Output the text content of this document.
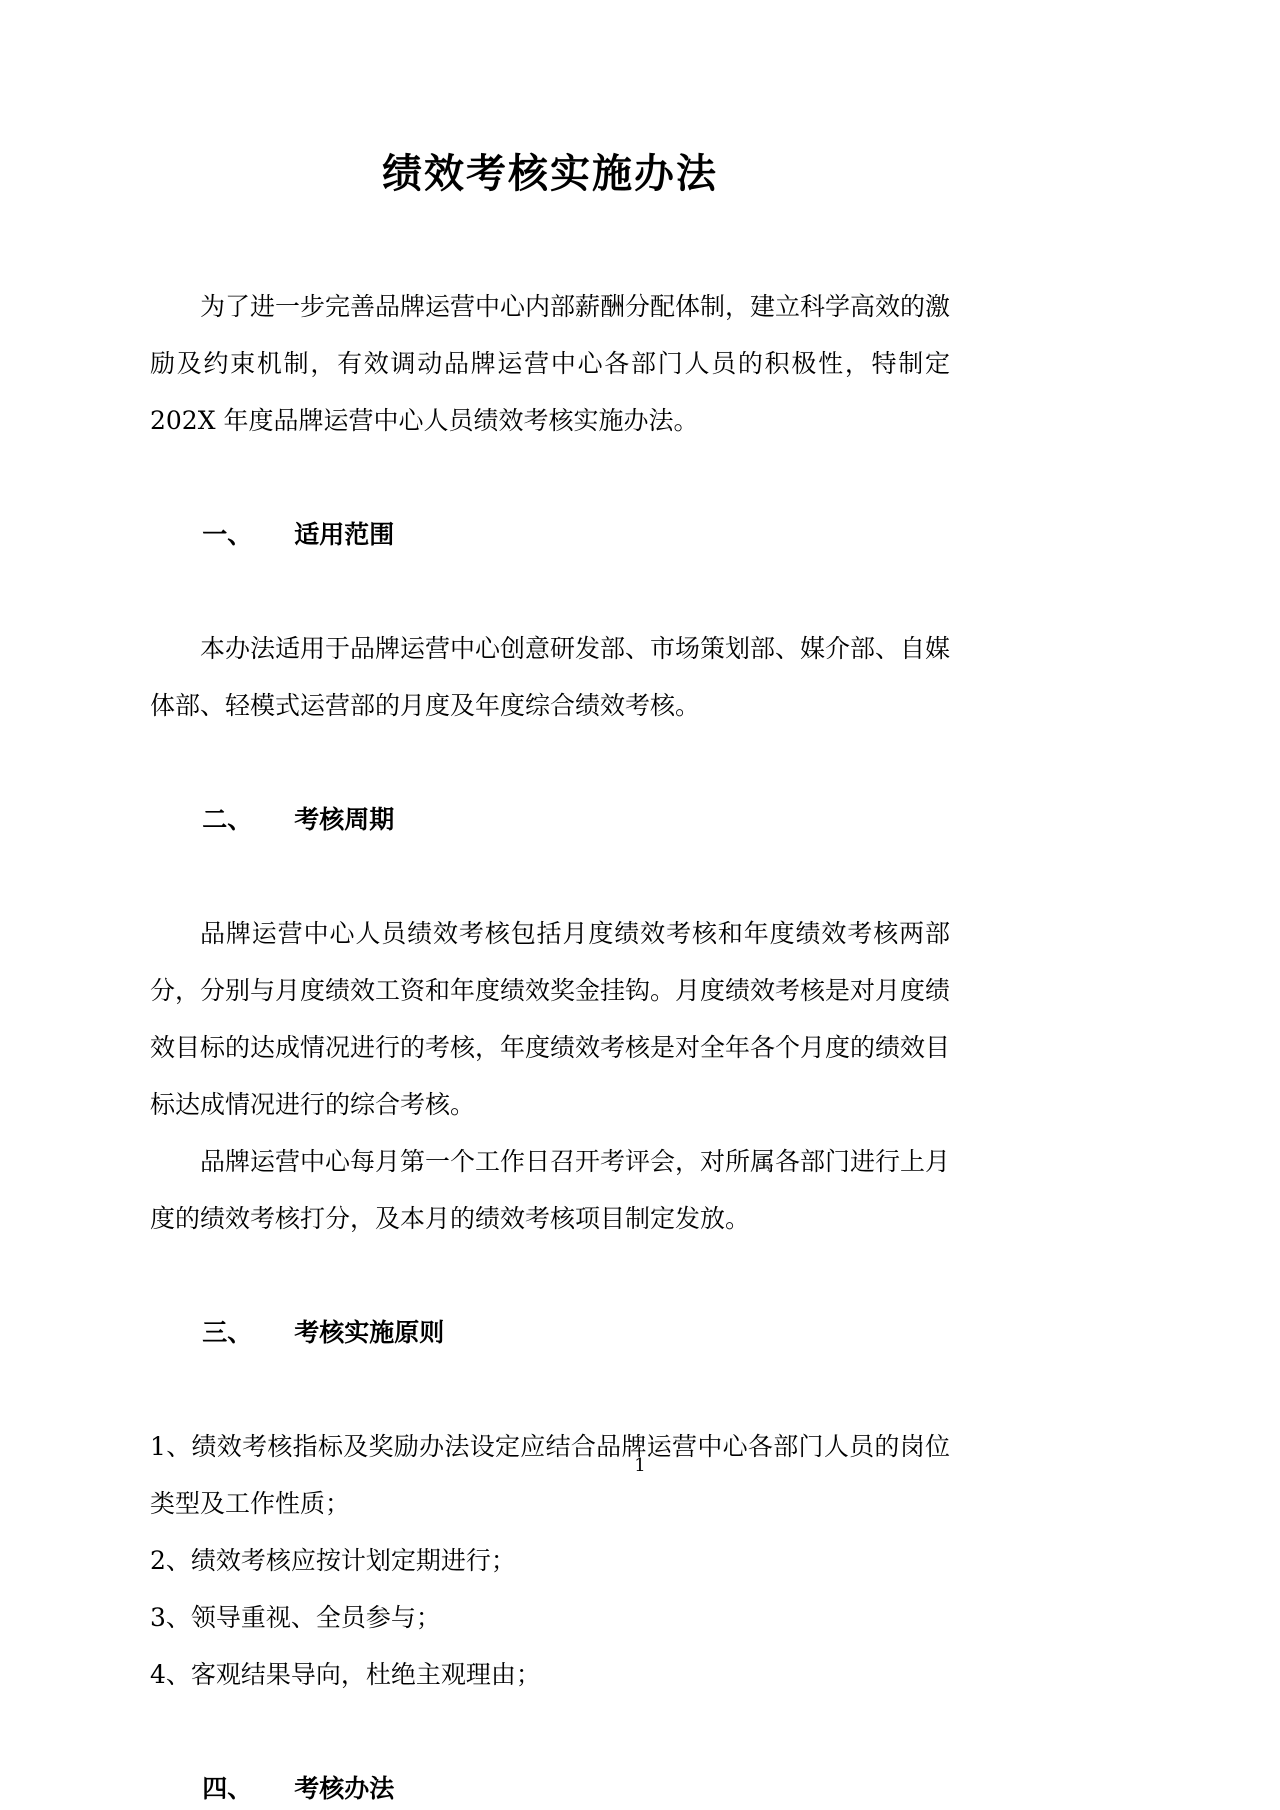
绩效考核实施办法

为了进一步完善品牌运营中心内部薪酬分配体制，建立科学高效的激励及约束机制，有效调动品牌运营中心各部门人员的积极性，特制定 202X 年度品牌运营中心人员绩效考核实施办法。

一、 适用范围

本办法适用于品牌运营中心创意研发部、市场策划部、媒介部、自媒体部、轻模式运营部的月度及年度综合绩效考核。

二、 考核周期

品牌运营中心人员绩效考核包括月度绩效考核和年度绩效考核两部分，分别与月度绩效工资和年度绩效奖金挂钩。月度绩效考核是对月度绩效目标的达成情况进行的考核，年度绩效考核是对全年各个月度的绩效目标达成情况进行的综合考核。

品牌运营中心每月第一个工作日召开考评会，对所属各部门进行上月度的绩效考核打分，及本月的绩效考核项目制定发放。

三、 考核实施原则

1、绩效考核指标及奖励办法设定应结合品牌运营中心各部门人员的岗位类型及工作性质；

2、绩效考核应按计划定期进行；

3、领导重视、全员参与；

4、客观结果导向，杜绝主观理由；

四、 考核办法

1
